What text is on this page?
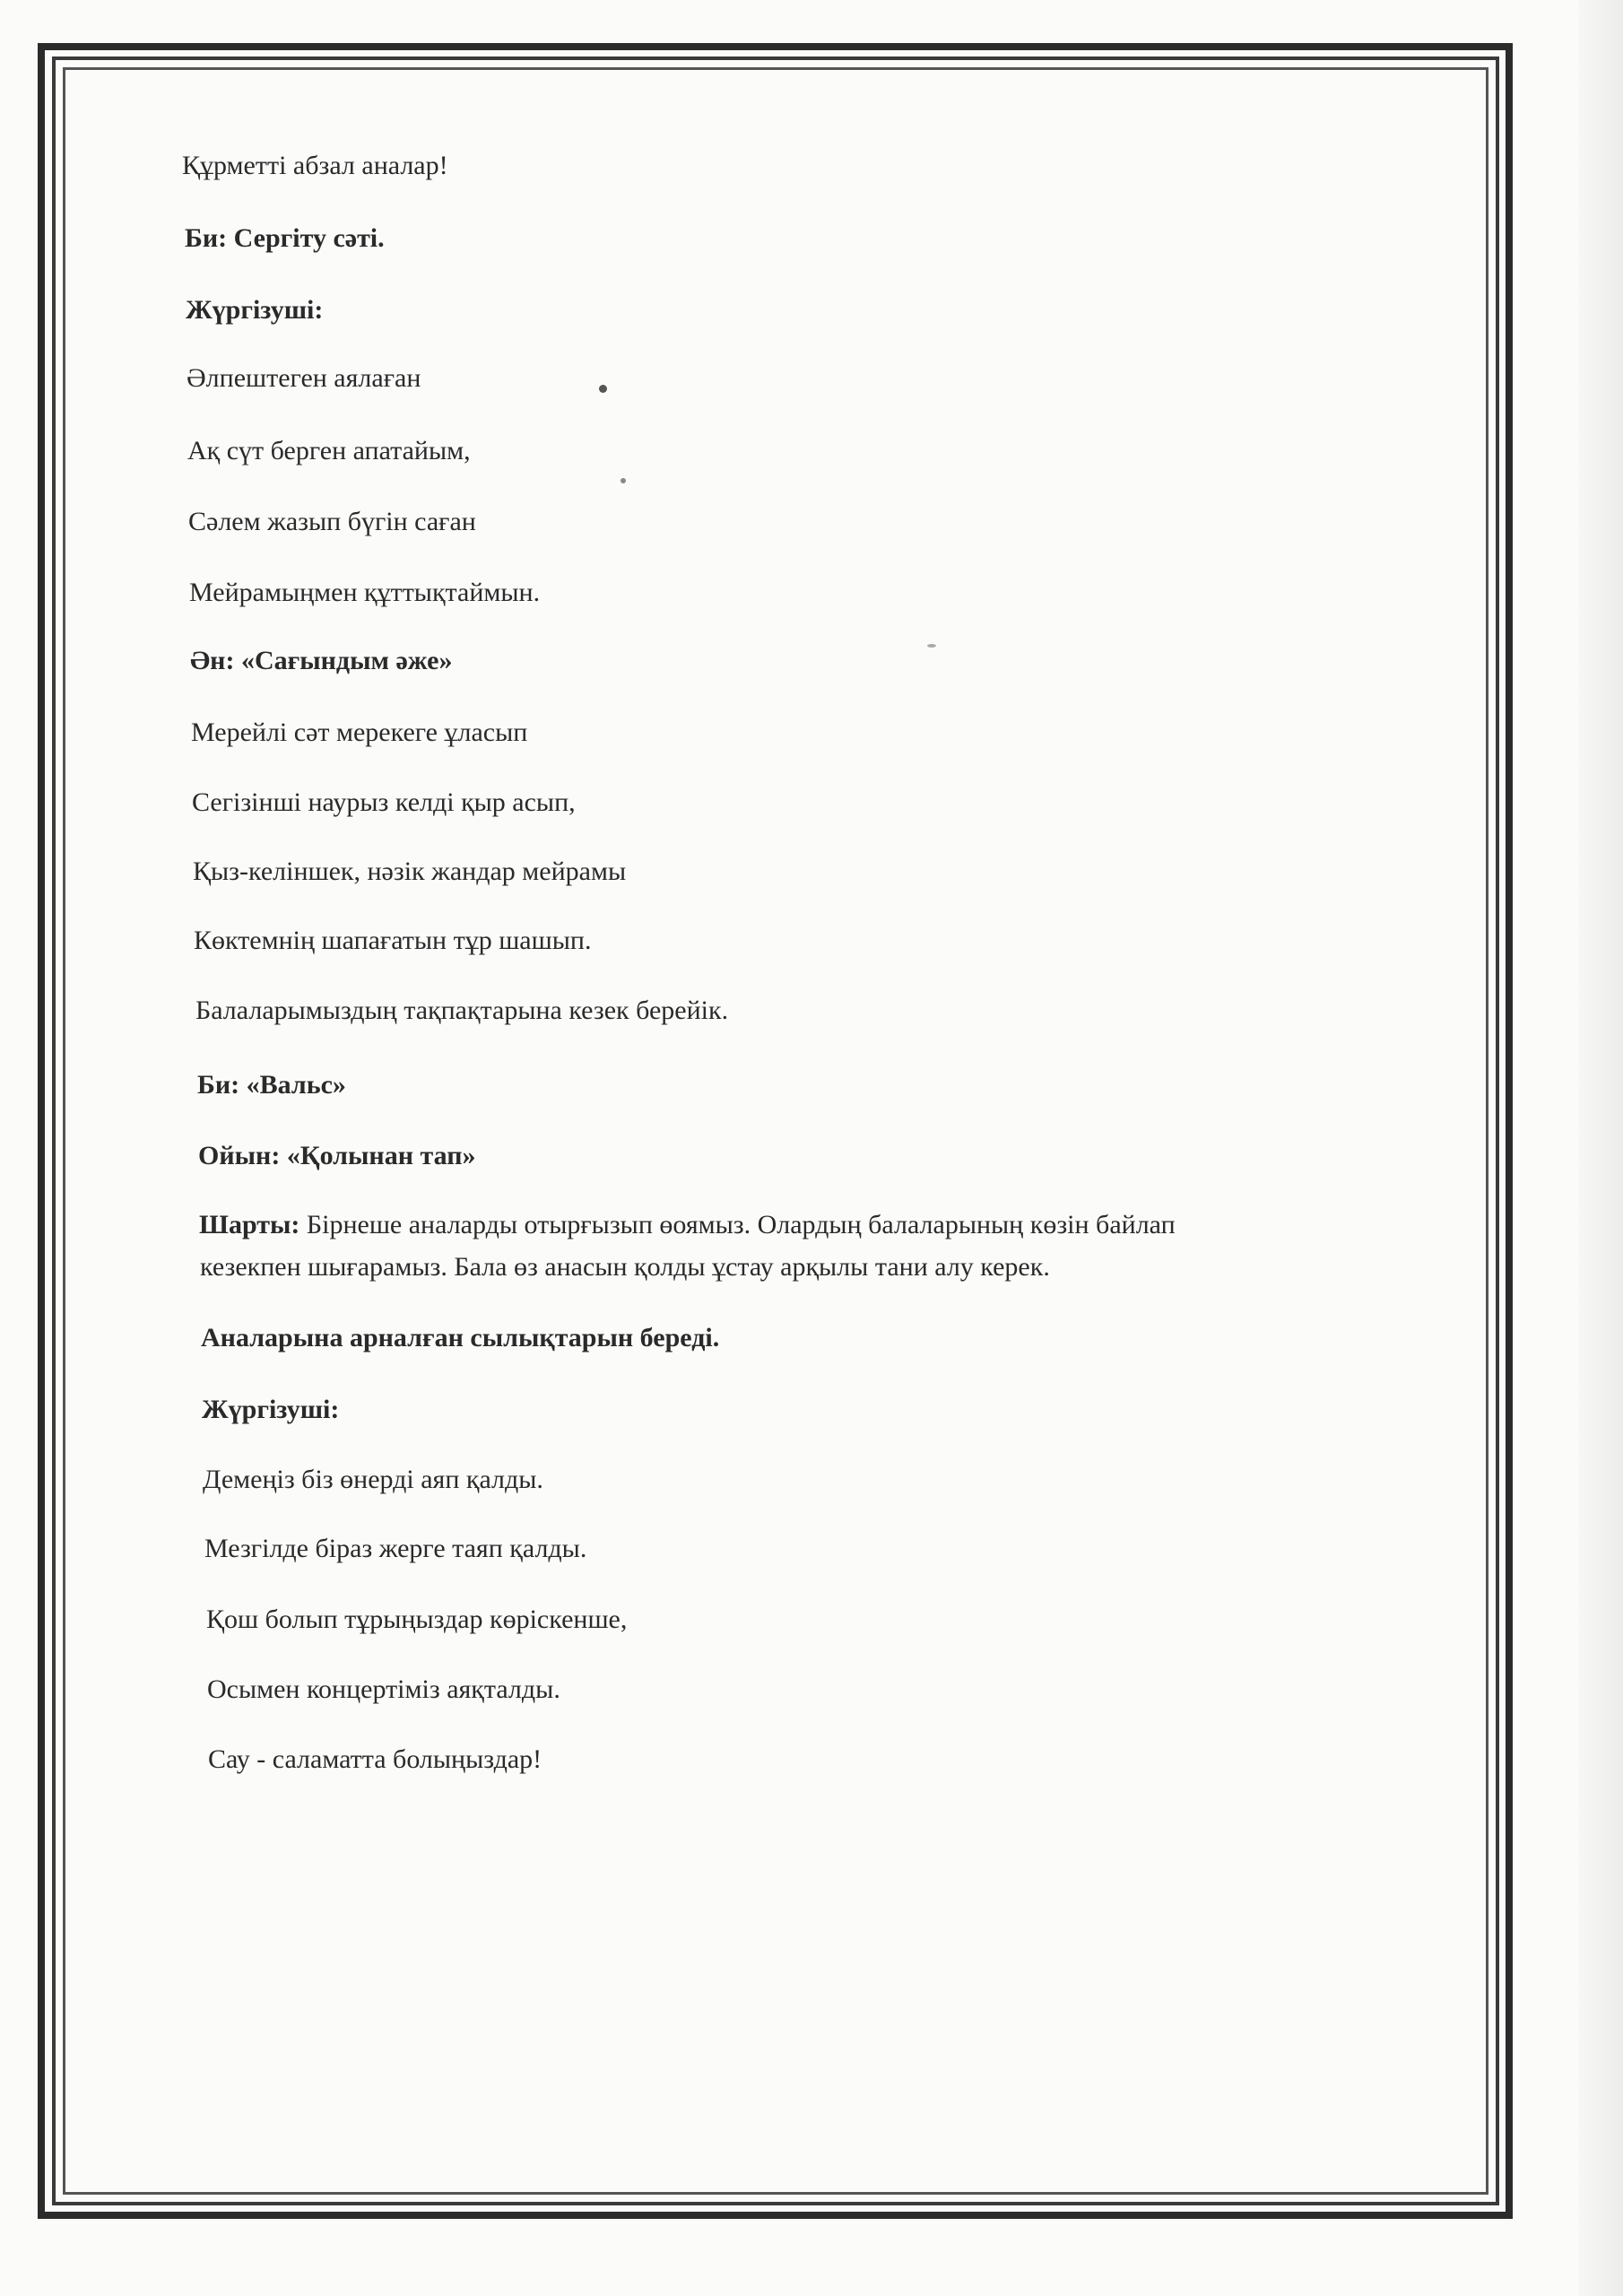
Құрметті абзал аналар!
Би: Сергіту сәті.
Жүргізуші:
Әлпештеген аялаған
Ақ сүт берген апатайым,
Сәлем жазып бүгін саған
Мейрамыңмен құттықтаймын.
Ән: «Сағындым әже»
Мерейлі сәт мерекеге ұласып
Сегізінші наурыз келді қыр асып,
Қыз-келіншек, нәзік жандар мейрамы
Көктемнің шапағатын тұр шашып.
Балаларымыздың тақпақтарына кезек берейік.
Би: «Вальс»
Ойын: «Қолынан тап»
Шарты: Бірнеше аналарды отырғызып өоямыз. Олардың балаларының көзін байлап
кезекпен шығарамыз. Бала өз анасын қолды ұстау арқылы тани алу керек.
Аналарына арналған сылықтарын береді.
Жүргізуші:
Демеңіз біз өнерді аяп қалды.
Мезгілде біраз жерге таяп қалды.
Қош болып тұрыңыздар көріскенше,
Осымен концертіміз аяқталды.
Сау - саламатта болыңыздар!
